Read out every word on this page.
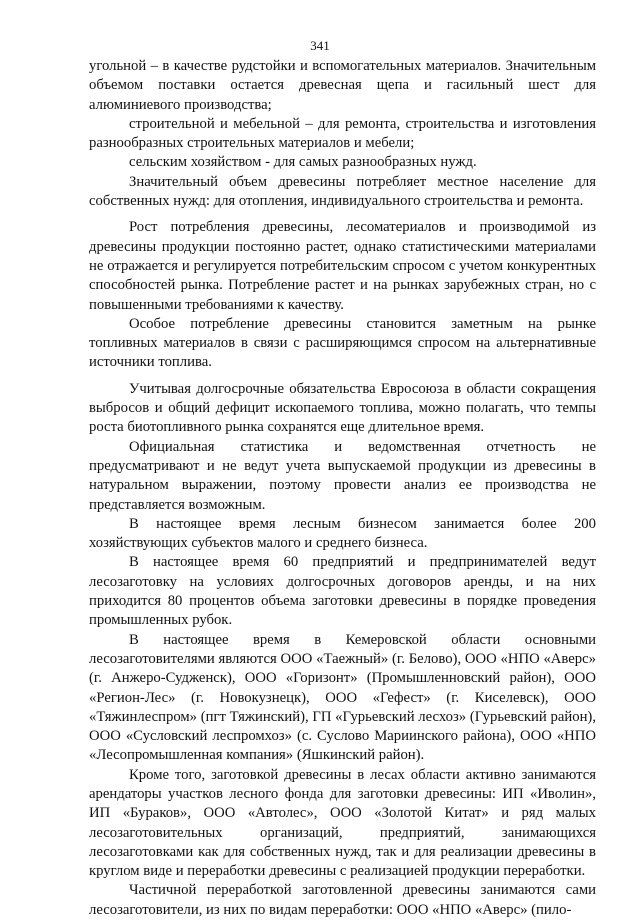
341

угольной – в качестве рудстойки и вспомогательных материалов. Значительным объемом поставки остается древесная щепа и гасильный шест для алюминиевого производства;

строительной и мебельной – для ремонта, строительства и изготовления разнообразных строительных материалов и мебели;

сельским хозяйством - для самых разнообразных нужд.

Значительный объем древесины потребляет местное население для собственных нужд: для отопления, индивидуального строительства и ремонта.

Рост потребления древесины, лесоматериалов и производимой из древесины продукции постоянно растет, однако статистическими материалами не отражается и регулируется потребительским спросом с учетом конкурентных способностей рынка. Потребление растет и на рынках зарубежных стран, но с повышенными требованиями к качеству.

Особое потребление древесины становится заметным на рынке топливных материалов в связи с расширяющимся спросом на альтернативные источники топлива.

Учитывая долгосрочные обязательства Евросоюза в области сокращения выбросов и общий дефицит ископаемого топлива, можно полагать, что темпы роста биотопливного рынка сохранятся еще длительное время.

Официальная статистика и ведомственная отчетность не предусматривают и не ведут учета выпускаемой продукции из древесины в натуральном выражении, поэтому провести анализ ее производства не представляется возможным.

В настоящее время лесным бизнесом занимается более 200 хозяйствующих субъектов малого и среднего бизнеса.

В настоящее время 60 предприятий и предпринимателей ведут лесозаготовку на условиях долгосрочных договоров аренды, и на них приходится 80 процентов объема заготовки древесины в порядке проведения промышленных рубок.

В настоящее время в Кемеровской области основными лесозаготовителями являются ООО «Таежный» (г. Белово), ООО «НПО «Аверс» (г. Анжеро-Судженск), ООО «Горизонт» (Промышленновский район), ООО «Регион-Лес» (г. Новокузнецк), ООО «Гефест» (г. Киселевск), ООО «Тяжинлеспром» (пгт Тяжинский), ГП «Гурьевский лесхоз» (Гурьевский район), ООО «Сусловский леспромхоз» (с. Суслово Мариинского района), ООО «НПО «Лесопромышленная компания» (Яшкинский район).

Кроме того, заготовкой древесины в лесах области активно занимаются арендаторы участков лесного фонда для заготовки древесины: ИП «Иволин», ИП «Бураков», ООО «Автолес», ООО «Золотой Китат» и ряд малых лесозаготовительных организаций, предприятий, занимающихся лесозаготовками как для собственных нужд, так и для реализации древесины в круглом виде и переработки древесины с реализацией продукции переработки.

Частичной переработкой заготовленной древесины занимаются сами лесозаготовители, из них по видам переработки: ООО «НПО «Аверс» (пило-
